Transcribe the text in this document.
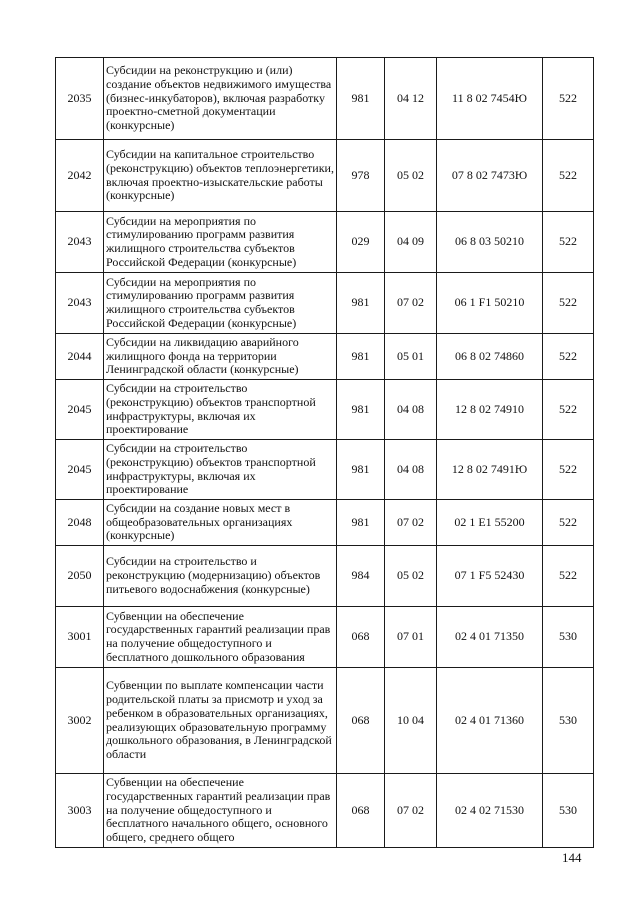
2035	Субсидии на реконструкцию и (или) создание объектов недвижимого имущества (бизнес-инкубаторов), включая разработку проектно-сметной документации (конкурсные)	981	04 12	11 8 02 7454Ю	522
2042	Субсидии на капитальное строительство (реконструкцию) объектов теплоэнергетики, включая проектно-изыскательские работы (конкурсные)	978	05 02	07 8 02 7473Ю	522
2043	Субсидии на мероприятия по стимулированию программ развития жилищного строительства субъектов Российской Федерации (конкурсные)	029	04 09	06 8 03 50210	522
2043	Субсидии на мероприятия по стимулированию программ развития жилищного строительства субъектов Российской Федерации (конкурсные)	981	07 02	06 1 F1 50210	522
2044	Субсидии на ликвидацию аварийного жилищного фонда на территории Ленинградской области (конкурсные)	981	05 01	06 8 02 74860	522
2045	Субсидии на строительство (реконструкцию) объектов транспортной инфраструктуры, включая их проектирование	981	04 08	12 8 02 74910	522
2045	Субсидии на строительство (реконструкцию) объектов транспортной инфраструктуры, включая их проектирование	981	04 08	12 8 02 7491Ю	522
2048	Субсидии на создание новых мест в общеобразовательных организациях (конкурсные)	981	07 02	02 1 E1 55200	522
2050	Субсидии на строительство и реконструкцию (модернизацию) объектов питьевого водоснабжения (конкурсные)	984	05 02	07 1 F5 52430	522
3001	Субвенции на обеспечение государственных гарантий реализации прав на получение общедоступного и бесплатного дошкольного образования	068	07 01	02 4 01 71350	530
3002	Субвенции по выплате компенсации части родительской платы за присмотр и уход за ребенком в образовательных организациях, реализующих образовательную программу дошкольного образования, в Ленинградской области	068	10 04	02 4 01 71360	530
3003	Субвенции на обеспечение государственных гарантий реализации прав на получение общедоступного и бесплатного начального общего, основного общего, среднего общего	068	07 02	02 4 02 71530	530
144
